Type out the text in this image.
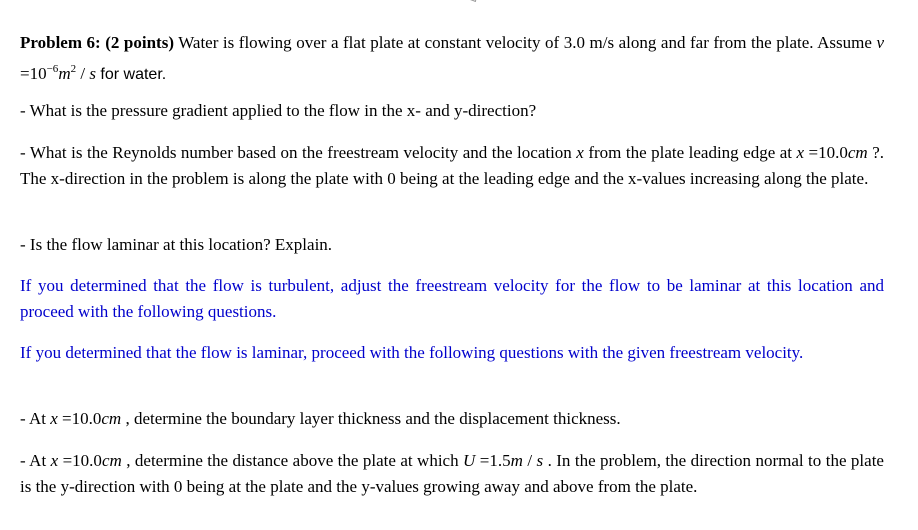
Problem 6: (2 points) Water is flowing over a flat plate at constant velocity of 3.0 m/s along and far from the plate. Assume $\nu =10^{-6}m^2 / s$ for water.

- What is the pressure gradient applied to the flow in the x- and y-direction?

- What is the Reynolds number based on the freestream velocity and the location x from the plate leading edge at x =10.0cm ?. The x-direction in the problem is along the plate with 0 being at the leading edge and the x-values increasing along the plate.

- Is the flow laminar at this location? Explain.

If you determined that the flow is turbulent, adjust the freestream velocity for the flow to be laminar at this location and proceed with the following questions.

If you determined that the flow is laminar, proceed with the following questions with the given freestream velocity.

- At x =10.0cm , determine the boundary layer thickness and the displacement thickness.

- At x =10.0cm , determine the distance above the plate at which U =1.5m / s . In the problem, the direction normal to the plate is the y-direction with 0 being at the plate and the y-values growing away and above from the plate.
